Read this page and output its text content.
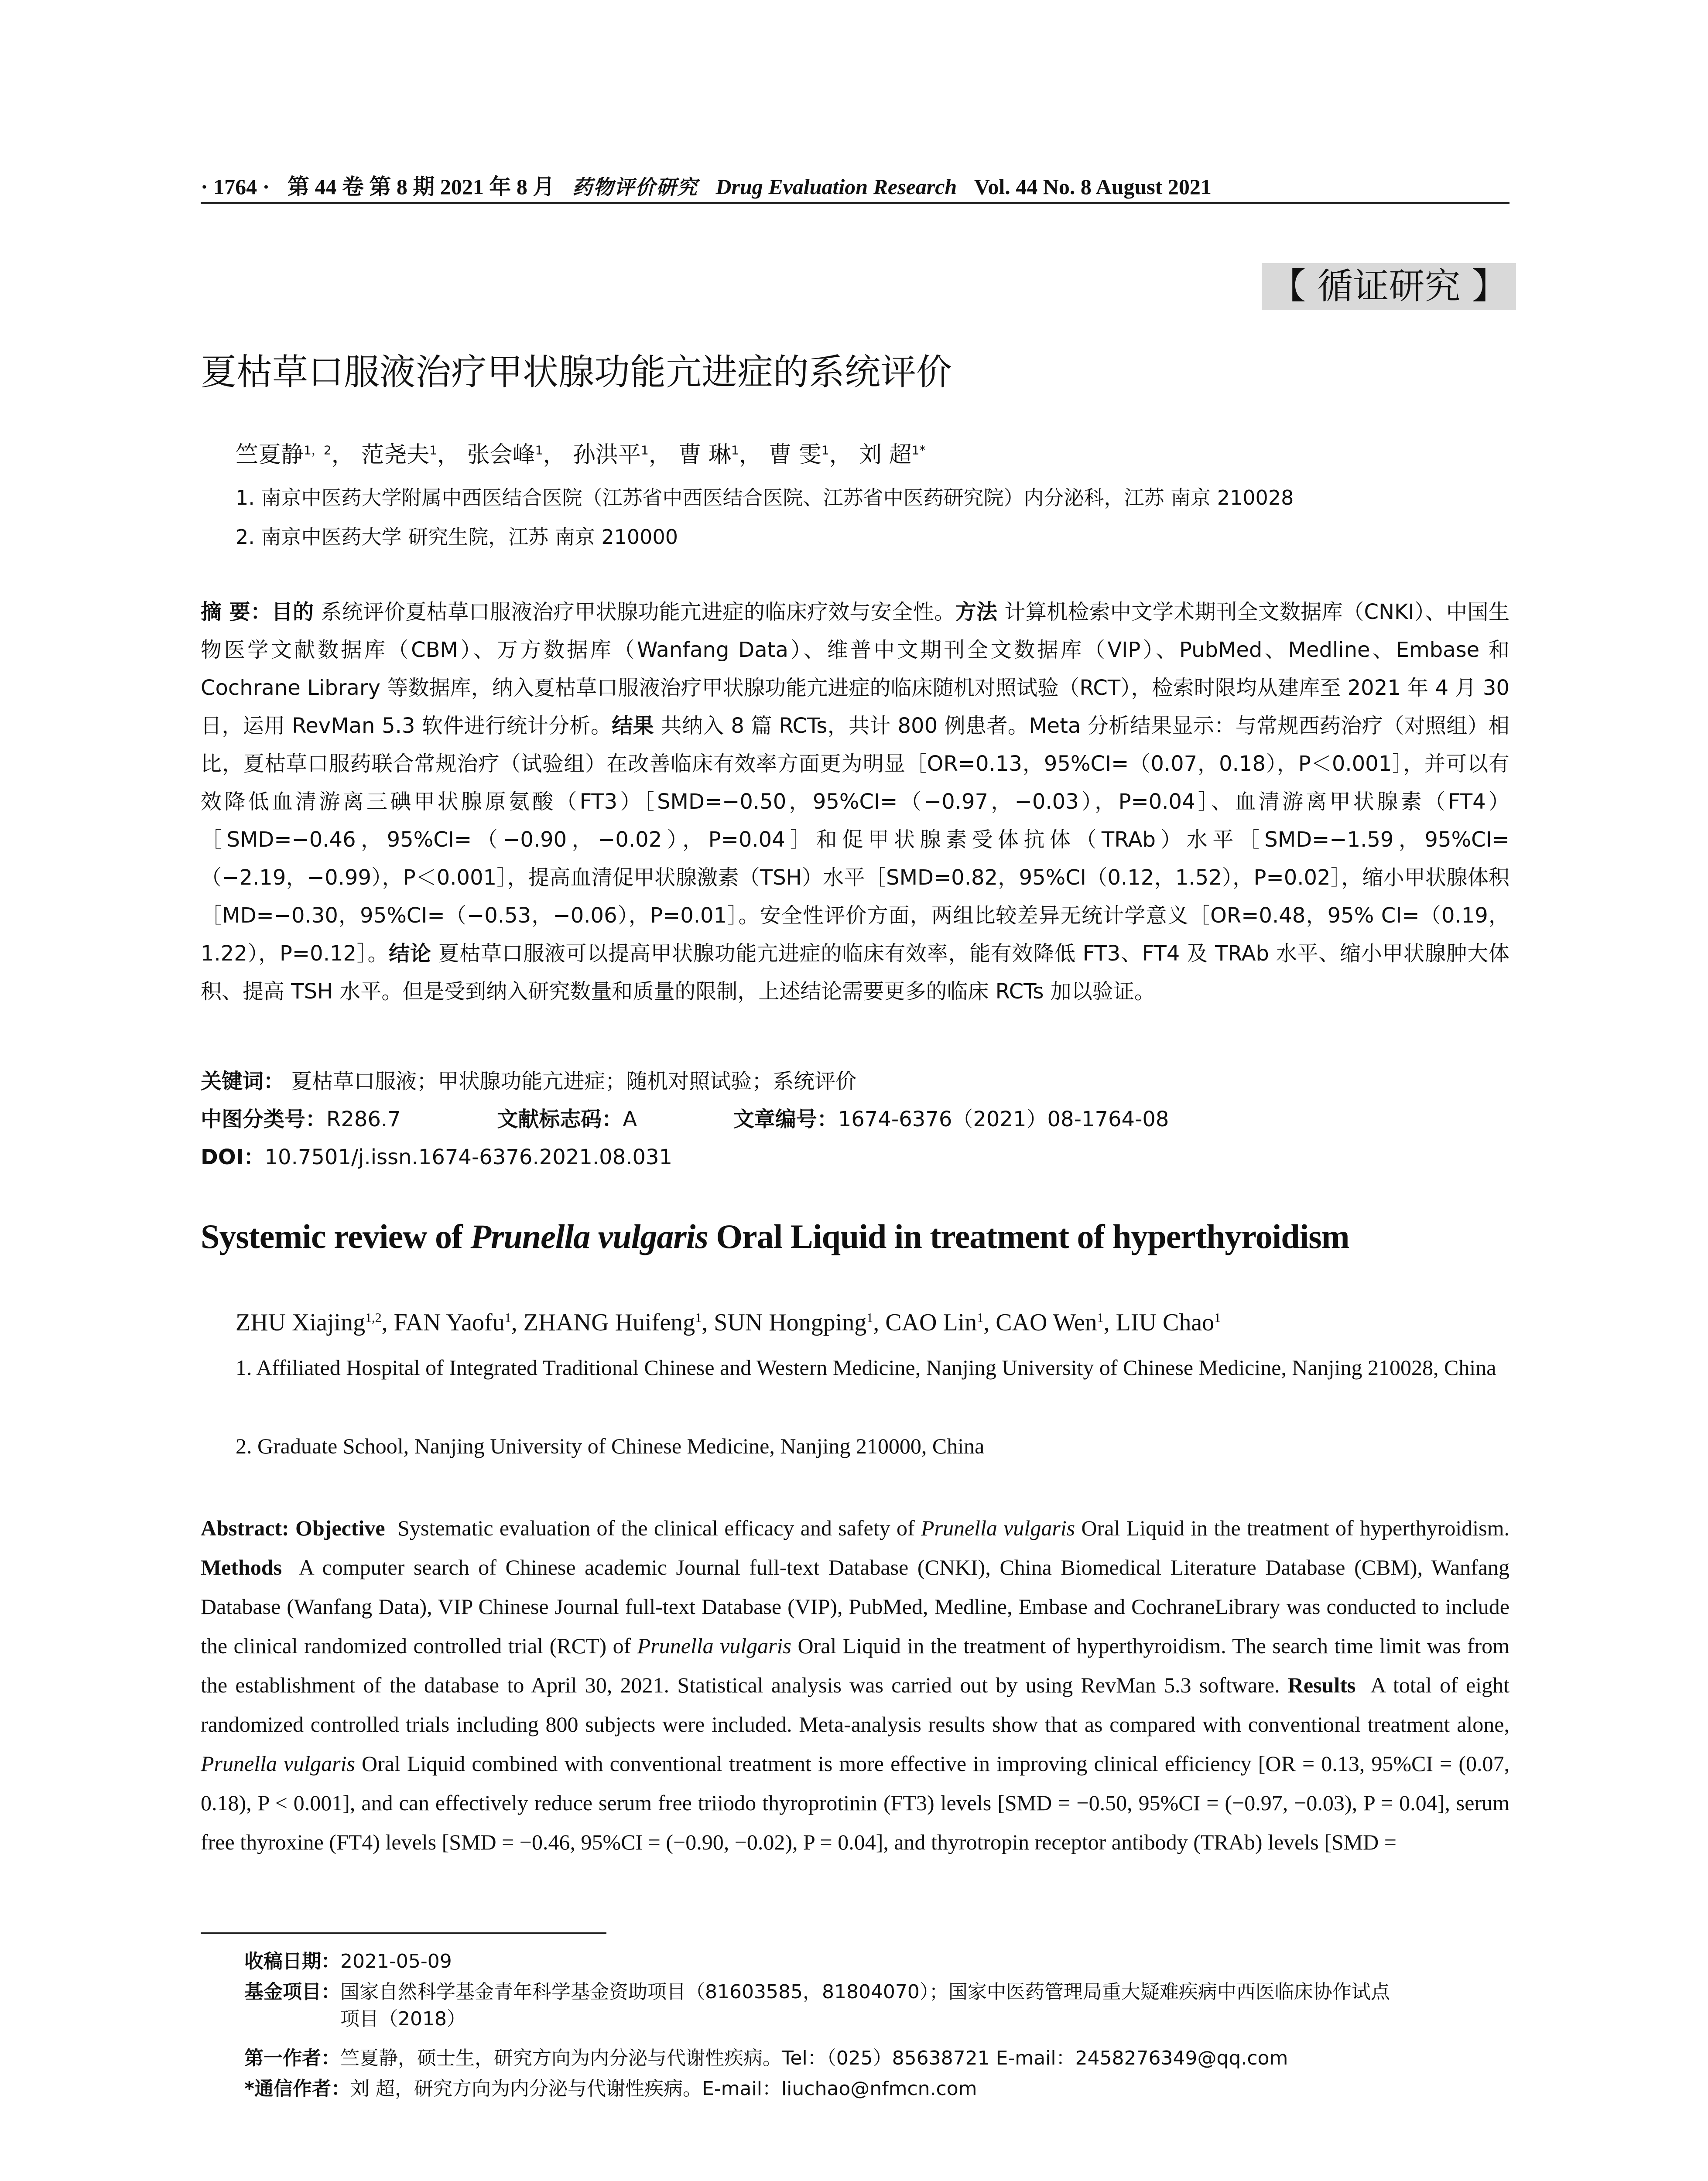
· 1764 · 第 44 卷 第 8 期 2021 年 8 月 药物评价研究 Drug Evaluation Research Vol. 44 No. 8 August 2021
【 循证研究 】
夏枯草口服液治疗甲状腺功能亢进症的系统评价
竺夏静$^{1,2}$， 范尧夫$^1$， 张会峰$^1$， 孙洪平$^1$， 曹 琳$^1$， 曹 雯$^1$， 刘 超$^{1*}$
1. 南京中医药大学附属中西医结合医院（江苏省中西医结合医院、江苏省中医药研究院）内分泌科，江苏 南京 210028
2. 南京中医药大学 研究生院，江苏 南京 210000
摘 要：目的 系统评价夏枯草口服液治疗甲状腺功能亢进症的临床疗效与安全性。方法 计算机检索中文学术期刊全文数据库（CNKI）、中国生物医学文献数据库（CBM）、万方数据库（Wanfang Data）、维普中文期刊全文数据库（VIP）、PubMed、Medline、Embase 和 Cochrane Library 等数据库，纳入夏枯草口服液治疗甲状腺功能亢进症的临床随机对照试验（RCT），检索时限均从建库至 2021 年 4 月 30 日，运用 RevMan 5.3 软件进行统计分析。结果 共纳入 8 篇 RCTs，共计 800 例患者。Meta 分析结果显示：与常规西药治疗（对照组）相比，夏枯草口服药联合常规治疗（试验组）在改善临床有效率方面更为明显［OR=0.13，95%CI=（0.07，0.18），P＜0.001］，并可以有效降低血清游离三碘甲状腺原氨酸（FT3）［SMD=−0.50，95%CI=（−0.97，−0.03），P=0.04］、血清游离甲状腺素（FT4）［SMD=−0.46，95%CI=（−0.90，−0.02），P=0.04］和促甲状腺素受体抗体（TRAb）水平［SMD=−1.59，95%CI=（−2.19，−0.99），P＜0.001］，提高血清促甲状腺激素（TSH）水平［SMD=0.82，95%CI（0.12，1.52），P=0.02］，缩小甲状腺体积［MD=−0.30，95%CI=（−0.53，−0.06），P=0.01］。安全性评价方面，两组比较差异无统计学意义［OR=0.48，95% CI=（0.19，1.22），P=0.12］。结论 夏枯草口服液可以提高甲状腺功能亢进症的临床有效率，能有效降低 FT3、FT4 及 TRAb 水平、缩小甲状腺肿大体积、提高 TSH 水平。但是受到纳入研究数量和质量的限制，上述结论需要更多的临床 RCTs 加以验证。
关键词： 夏枯草口服液；甲状腺功能亢进症；随机对照试验；系统评价
中图分类号：R286.7	文献标志码：A	文章编号：1674-6376（2021）08-1764-08
DOI：10.7501/j.issn.1674-6376.2021.08.031
Systemic review of Prunella vulgaris Oral Liquid in treatment of hyperthyroidism
ZHU Xiajing$^{1,2}$, FAN Yaofu$^1$, ZHANG Huifeng$^1$, SUN Hongping$^1$, CAO Lin$^1$, CAO Wen$^1$, LIU Chao$^1$
1. Affiliated Hospital of Integrated Traditional Chinese and Western Medicine, Nanjing University of Chinese Medicine, Nanjing 210028, China
2. Graduate School, Nanjing University of Chinese Medicine, Nanjing 210000, China
Abstract: Objective Systematic evaluation of the clinical efficacy and safety of Prunella vulgaris Oral Liquid in the treatment of hyperthyroidism. Methods A computer search of Chinese academic Journal full-text Database (CNKI), China Biomedical Literature Database (CBM), Wanfang Database (Wanfang Data), VIP Chinese Journal full-text Database (VIP), PubMed, Medline, Embase and CochraneLibrary was conducted to include the clinical randomized controlled trial (RCT) of Prunella vulgaris Oral Liquid in the treatment of hyperthyroidism. The search time limit was from the establishment of the database to April 30, 2021. Statistical analysis was carried out by using RevMan 5.3 software. Results A total of eight randomized controlled trials including 800 subjects were included. Meta-analysis results show that as compared with conventional treatment alone, Prunella vulgaris Oral Liquid combined with conventional treatment is more effective in improving clinical efficiency [OR = 0.13, 95%CI = (0.07, 0.18), P < 0.001], and can effectively reduce serum free triiodo thyroprotinin (FT3) levels [SMD = −0.50, 95%CI = (−0.97, −0.03), P = 0.04], serum free thyroxine (FT4) levels [SMD = −0.46, 95%CI = (−0.90, −0.02), P = 0.04], and thyrotropin receptor antibody (TRAb) levels [SMD =
收稿日期：2021-05-09
基金项目：国家自然科学基金青年科学基金资助项目（81603585，81804070）；国家中医药管理局重大疑难疾病中西医临床协作试点项目（2018）
第一作者：竺夏静，硕士生，研究方向为内分泌与代谢性疾病。Tel：（025）85638721 E-mail：2458276349@qq.com
*通信作者：刘 超，研究方向为内分泌与代谢性疾病。E-mail：liuchao@nfmcn.com
